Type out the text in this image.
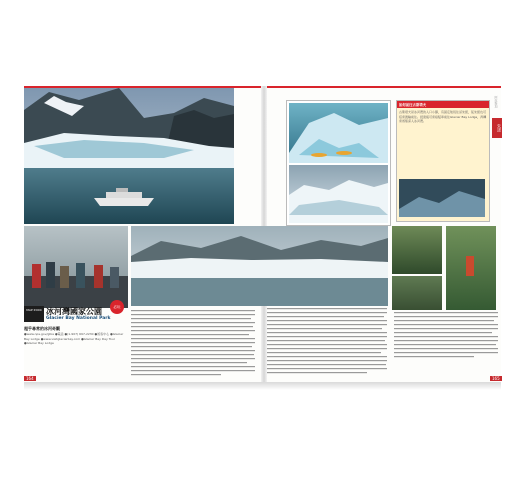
如何前往古斯塔夫
古斯塔夫是冰河灣的入口小鎮，有固定航班往返朱諾，從朱諾也可搭乘渡輪前往。抵達後可乘接駁車前往Glacier Bay Lodge，再轉乘遊船深入冰河灣。
朱諾
阿拉斯加
MAP P.000 冰河灣國家公園
Glacier Bay National Park
必玩
超乎尋常的冰河奇觀
●www.nps.gov/glba ●電話 ●(1-907) 697-2230 ●遊客中心 ●Glacier Bay Lodge ●www.visitglacierbay.com ●Glacier Bay Day Tour ●Glacier Bay Lodge
164	165
